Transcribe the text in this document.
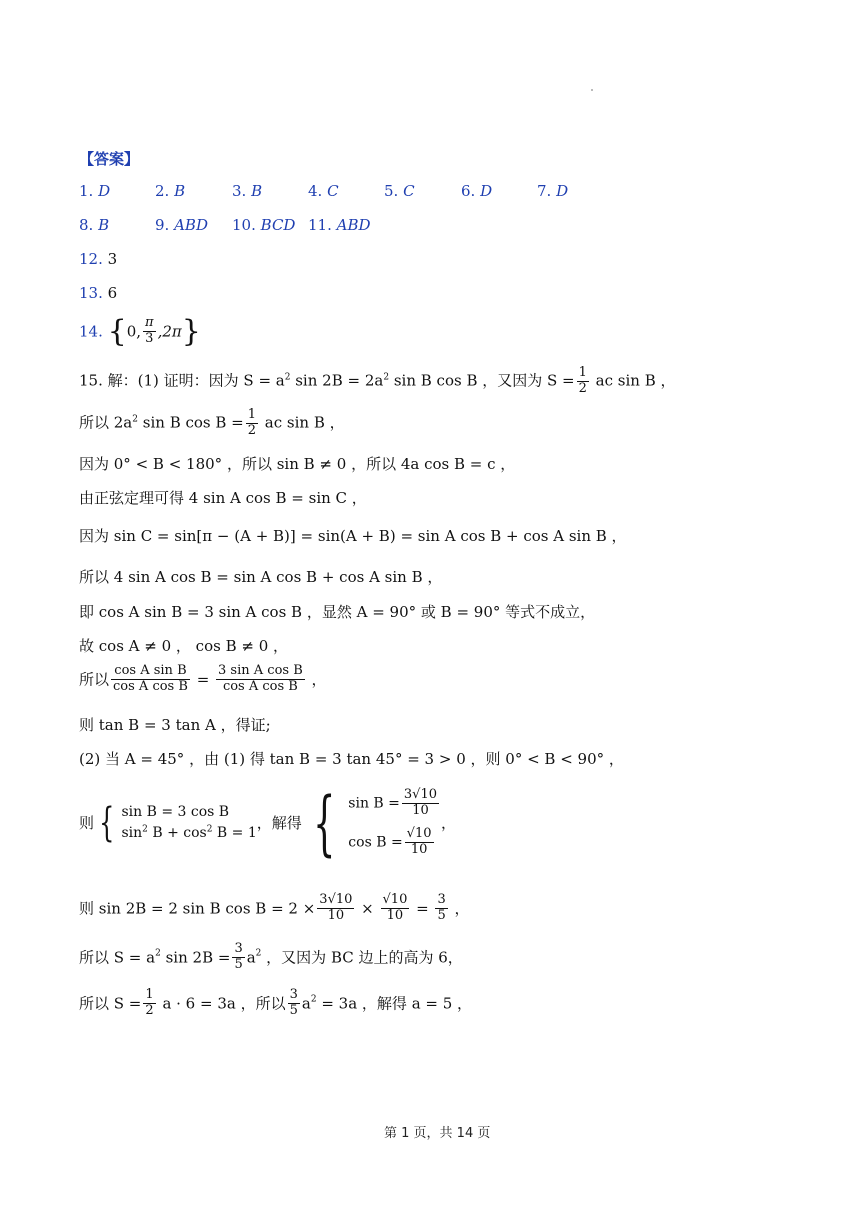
【答案】
1. D	2. B	3. B	4. C	5. C	6. D	7. D
8. B	9. ABD 10. BCD 11. ABD
12. 3
13. 6
14. {0, $\frac{\pi}{3} ,2\pi$}
15. 解：(1) 证明：因为 $S = a^2$ $\sin 2B = 2a^2$ sin B cos B ，又因为 $S = \frac{1}{2}$ ac sin B ，
所以 $2a^2$ sin B $\cos B = \frac{1}{2}$ ac sin B ，
因为 0° < B < 180° ，所以 sin B ≠ 0 ，所以 4a cos B = c ，
由正弦定理可得 4 sin A cos B = sin C ，
因为 sin C = sin[π − (A + B)] = sin(A + B) = sin A cos B + cos A sin B ，
所以 4 sin A cos B = sin A cos B + cos A sin B ，
即 cos A sin B = 3 sin A cos B ，显然 A = 90° 或 B = 90° 等式不成立，
故 cos A ≠ 0 ， cos B ≠ 0 ，
所以 $\frac{\text{cos A sin B}}{\text{cos A cos B}} = \frac{\text{3 sin A cos B}}{\text{cos A cos B}}$ ，
则 tan B = 3 tan A ，得证;
(2) 当 A = 45° ，由 (1) 得 tan B = 3 tan 45° = 3 > 0 ，则 0° < B < 90° ，
则 { sin B = 3 cos B
$\sin^2 B + \cos^2 B = 1$
，解得 { $\sin B = \frac{3√10}{10}$
$\cos B = \frac{√10}{10}$
，
则 sin 2B = 2 sin B $\cos B = 2 \times \frac{3√10}{10} \times \frac{√10}{10} = \frac{3}{5}$ ，
所以 $S = a^2$ $\sin 2B = \frac{3}{5} a^2$ ，又因为 BC 边上的高为 6，
所以 $S = \frac{1}{2}$ a · 6 = 3a ，所以 $\frac{3}{5} a^2 = 3a$ ，解得 a = 5 ，
第 1 页，共 14 页
